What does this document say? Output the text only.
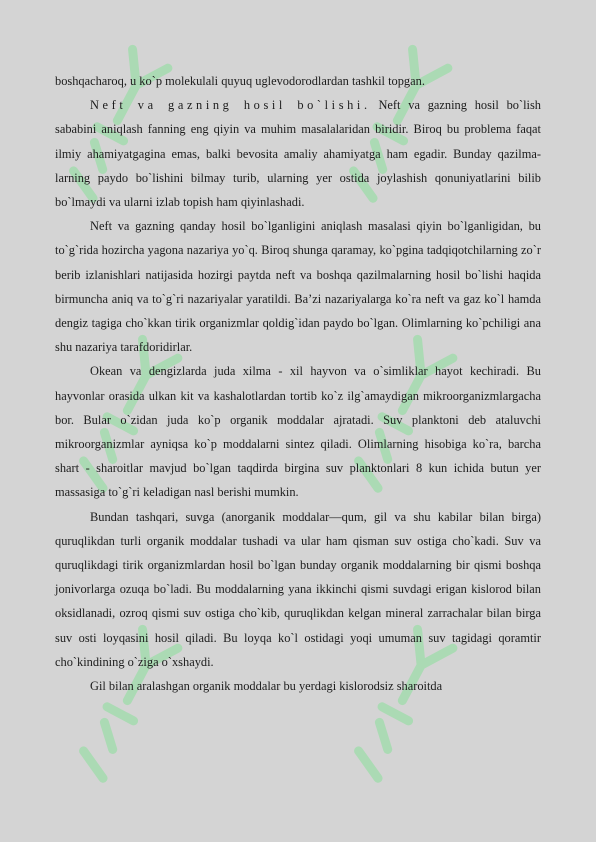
boshqacharoq, u ko`p molekulali quyuq uglevodorodlardan tashkil topgan.

Neft va gazning hosil bo`lishi. Neft va gazning hosil bo`lish sababini aniqlash fanning eng qiyin va muhim masalalaridan biridir. Biroq bu problema faqat ilmiy ahamiyatgagina emas, balki bevosita amaliy ahamiyatga ham egadir. Bunday qazilma- larning paydo bo`lishini bilmay turib, ularning yer ostida joylashish qonuniyatlarini bilib bo`lmaydi va ularni izlab topish ham qiyinlashadi.

Neft va gazning qanday hosil bo`lganligini aniqlash masalasi qiyin bo`lganligidan, bu to`g`rida hozircha yagona nazariya yo`q. Biroq shunga qaramay, ko`pgina tadqiqotchilarning zo`r berib izlanishlari natijasida hozirgi paytda neft va boshqa qazilmalarning hosil bo`lishi haqida birmuncha aniq va to`g`ri nazariyalar yaratildi. Ba’zi nazariyalarga ko`ra neft va gaz ko`l hamda dengiz tagiga cho`kkan tirik organizmlar qoldig`idan paydo bo`lgan. Olimlarning ko`pchiligi ana shu nazariya tarafdoridirlar.

Okean va dengizlarda juda xilma - xil hayvon va o`simliklar hayot kechiradi. Bu hayvonlar orasida ulkan kit va kashalotlardan tortib ko`z ilg`amaydigan mikroorganizmlargacha bor. Bular o`zidan juda ko`p organik moddalar ajratadi. Suv planktoni deb ataluvchi mikroorganizmlar ayniqsa ko`p moddalarni sintez qiladi. Olimlarning hisobiga ko`ra, barcha shart - sharoitlar mavjud bo`lgan taqdirda birgina suv planktonlari 8 kun ichida butun yer massasiga to`g`ri keladigan nasl berishi mumkin.

Bundan tashqari, suvga (anorganik moddalar—qum, gil va shu kabilar bilan birga) quruqlikdan turli organik moddalar tushadi va ular ham qisman suv ostiga cho`kadi. Suv va quruqlikdagi tirik organizmlardan hosil bo`lgan bunday organik moddalarning bir qismi boshqa jonivorlarga ozuqa bo`ladi. Bu moddalarning yana ikkinchi qismi suvdagi erigan kislorod bilan oksidlanadi, ozroq qismi suv ostiga cho`kib, quruqlikdan kelgan mineral zarrachalar bilan birga suv osti loyqasini hosil qiladi. Bu loyqa ko`l ostidagi yoqi umuman suv tagidagi qoramtir cho`kindining o`ziga o`xshaydi.

Gil bilan aralashgan organik moddalar bu yerdagi kislorodsiz sharoitda
